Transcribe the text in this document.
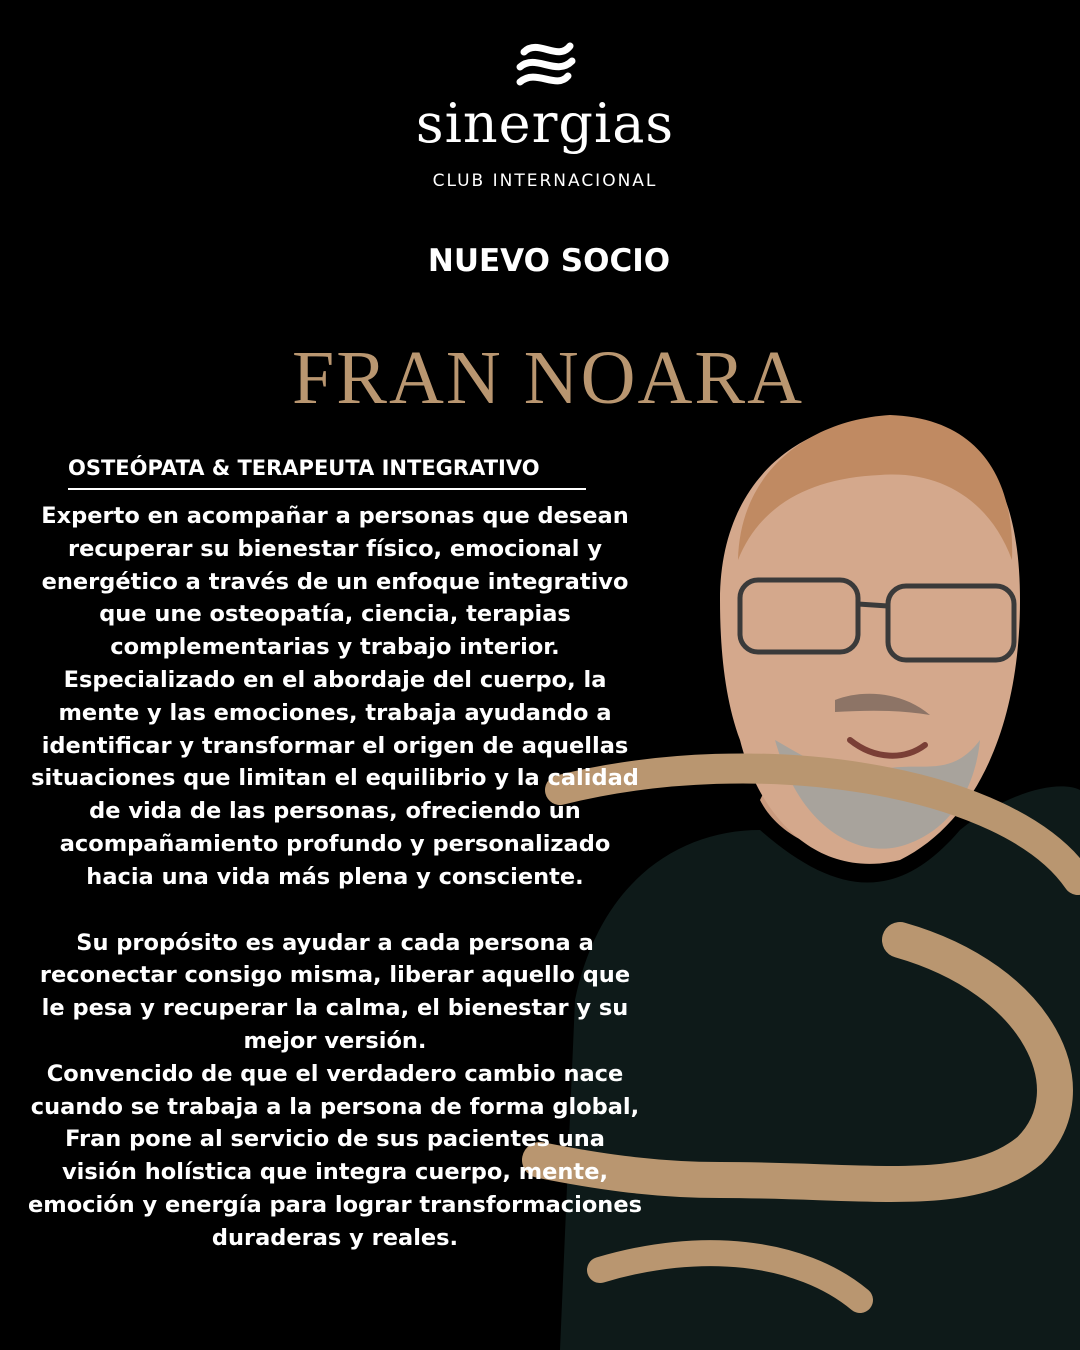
sinergias
CLUB INTERNACIONAL
NUEVO SOCIO
FRAN NOARA
OSTEÓPATA & TERAPEUTA INTEGRATIVO

Experto en acompañar a personas que desean recuperar su bienestar físico, emocional y energético a través de un enfoque integrativo que une osteopatía, ciencia, terapias complementarias y trabajo interior.

Especializado en el abordaje del cuerpo, la mente y las emociones, trabaja ayudando a identificar y transformar el origen de aquellas situaciones que limitan el equilibrio y la calidad de vida de las personas, ofreciendo un acompañamiento profundo y personalizado hacia una vida más plena y consciente.

Su propósito es ayudar a cada persona a reconectar consigo misma, liberar aquello que le pesa y recuperar la calma, el bienestar y su mejor versión.

Convencido de que el verdadero cambio nace cuando se trabaja a la persona de forma global, Fran pone al servicio de sus pacientes una visión holística que integra cuerpo, mente, emoción y energía para lograr transformaciones duraderas y reales.
